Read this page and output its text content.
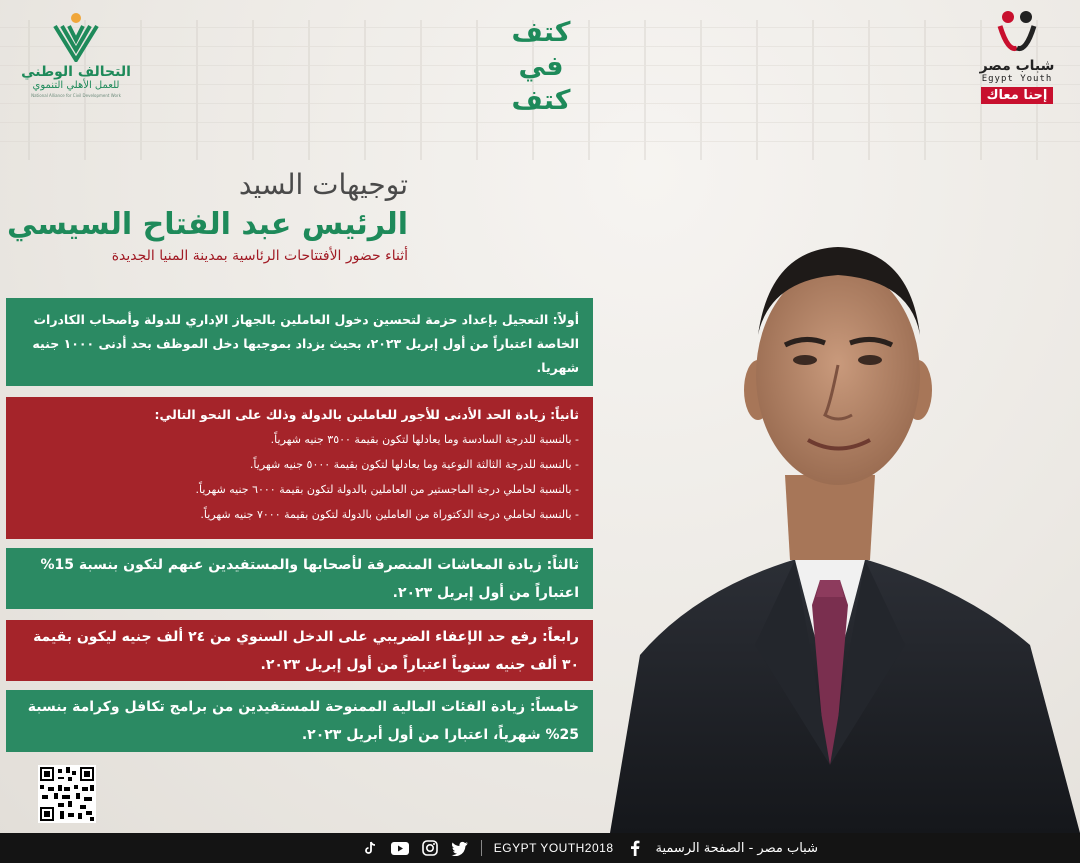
التحالف الوطني
للعمل الأهلي التنموي
National Alliance for Civil Development Work
كتف
في
كتف
شباب مصر
Egypt Youth
إحنا معاك
توجيهات السيد
الرئيس عبد الفتاح السيسي
أثناء حضور الأفتتاحات الرئاسية بمدينة المنيا الجديدة
أولاً: التعجيل بإعداد حزمة لتحسين دخول العاملين بالجهاز الإداري للدولة وأصحاب الكادرات الخاصة اعتباراً من أول إبريل ٢٠٢٣، بحيث يزداد بموجبها دخل الموظف بحد أدنى ١٠٠٠ جنيه شهريا.
ثانياً: زيادة الحد الأدنى للأجور للعاملين بالدولة وذلك على النحو التالي:
- بالنسبة للدرجة السادسة وما يعادلها لتكون بقيمة ٣٥٠٠ جنيه شهرياً.
- بالنسبة للدرجة الثالثة النوعية وما يعادلها لتكون بقيمة ٥٠٠٠ جنيه شهرياً.
- بالنسبة لحاملي درجة الماجستير من العاملين بالدولة لتكون بقيمة ٦٠٠٠ جنيه شهرياً.
- بالنسبة لحاملي درجة الدكتوراة من العاملين بالدولة لتكون بقيمة ٧٠٠٠ جنيه شهرياً.
ثالثاً: زيادة المعاشات المنصرفة لأصحابها والمستفيدين عنهم لتكون بنسبة 15% اعتباراً من أول إبريل ٢٠٢٣.
رابعاً: رفع حد الإعفاء الضريبي على الدخل السنوي من ٢٤ ألف جنيه ليكون بقيمة ٣٠ ألف جنيه سنوياً اعتباراً من أول إبريل ٢٠٢٣.
خامساً: زيادة الفئات المالية الممنوحة للمستفيدين من برامج تكافل وكرامة بنسبة 25% شهرياً، اعتبارا من أول أبريل ٢٠٢٣.
EGYPT YOUTH2018	شباب مصر - الصفحة الرسمية
